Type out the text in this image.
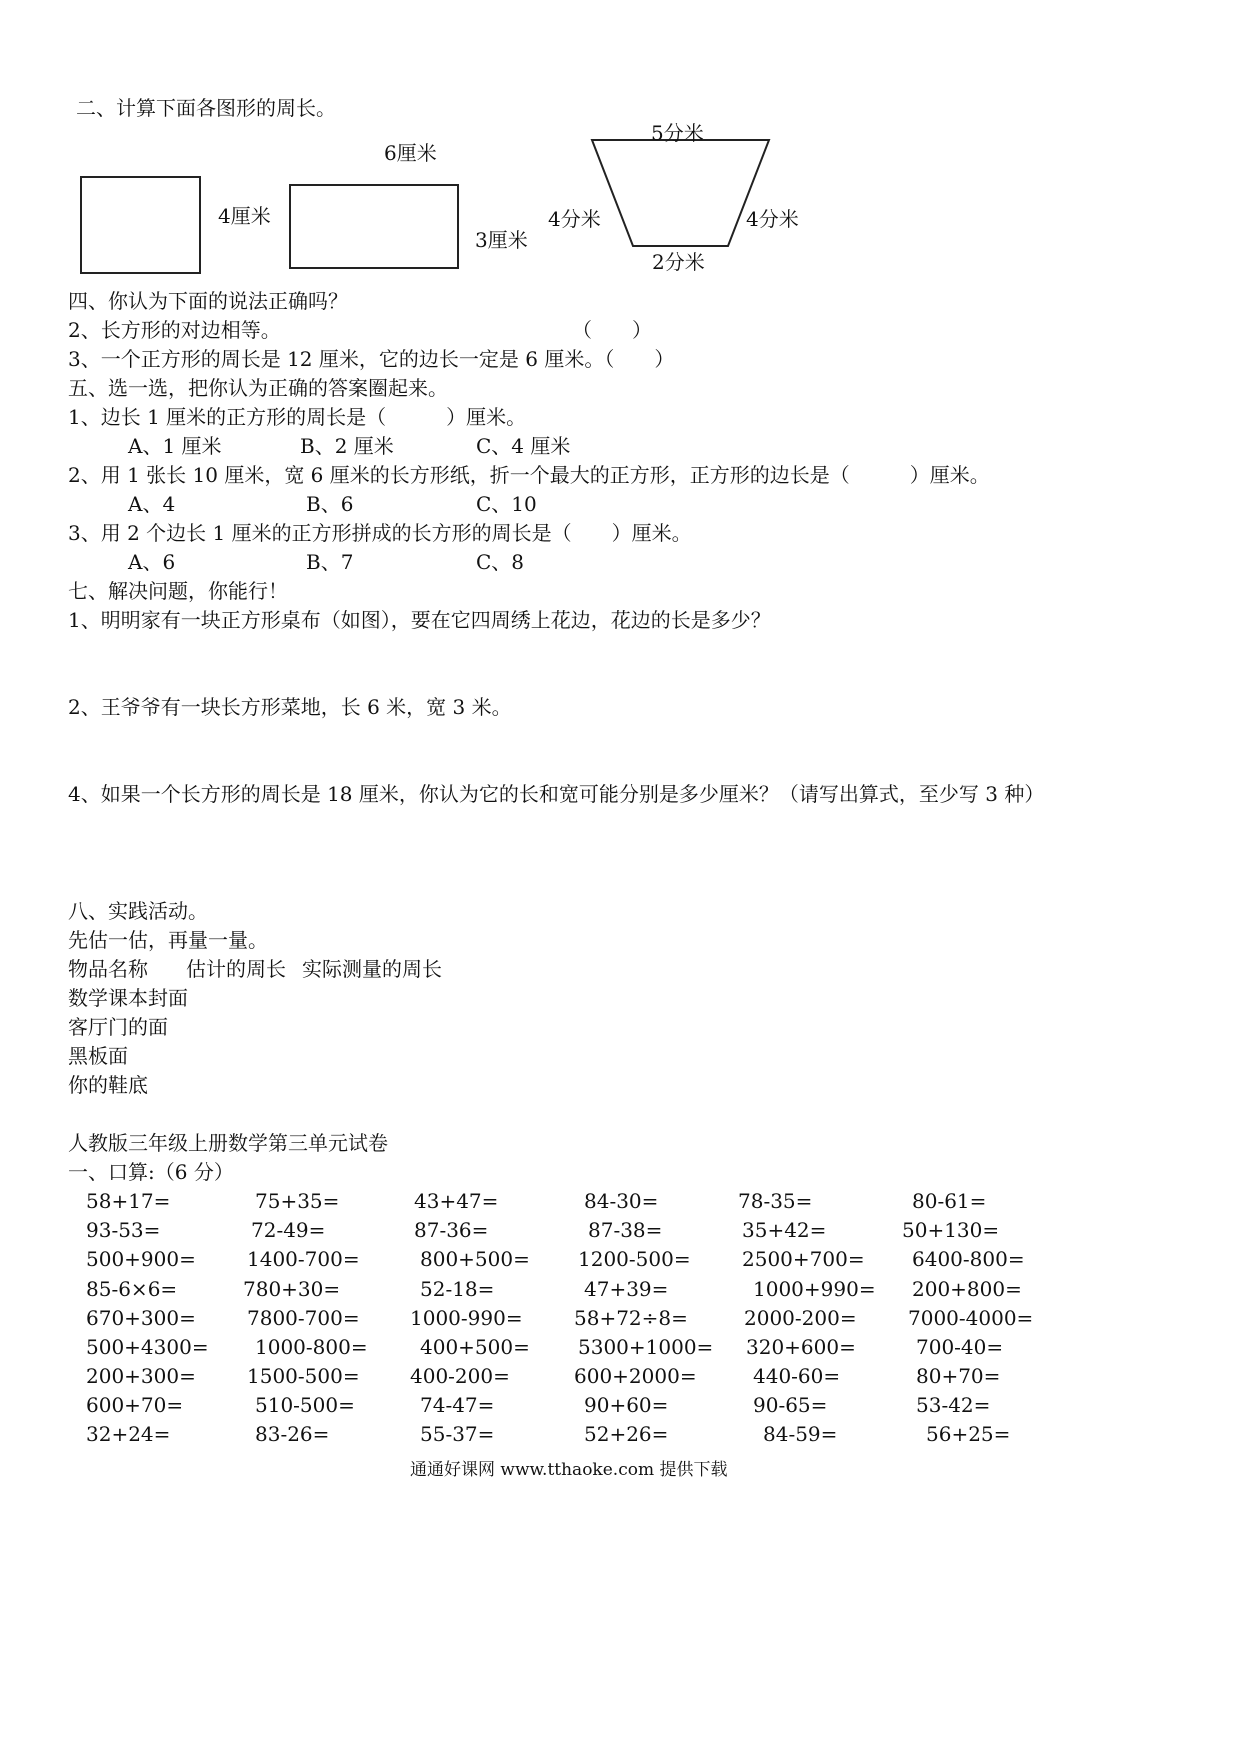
二、计算下面各图形的周长。
4厘米
6厘米
3厘米
5分米
4分米	4分米
2分米
四、你认为下面的说法正确吗？
2、长方形的对边相等。	（　　）
3、一个正方形的周长是 12 厘米，它的边长一定是 6 厘米。（　　）
五、选一选，把你认为正确的答案圈起来。
1、边长 1 厘米的正方形的周长是（　　　）厘米。
A、1 厘米	B、2 厘米	C、4 厘米
2、用 1 张长 10 厘米，宽 6 厘米的长方形纸，折一个最大的正方形，正方形的边长是（　　　）厘米。
A、4	B、6	C、10
3、用 2 个边长 1 厘米的正方形拼成的长方形的周长是（　　）厘米。
A、6	B、7	C、8
七、解决问题，你能行！
1、明明家有一块正方形桌布（如图），要在它四周绣上花边，花边的长是多少？
2、王爷爷有一块长方形菜地，长 6 米，宽 3 米。
4、如果一个长方形的周长是 18 厘米，你认为它的长和宽可能分别是多少厘米？（请写出算式，至少写 3 种）
八、实践活动。
先估一估，再量一量。
物品名称 估计的周长 实际测量的周长
数学课本封面
客厅门的面
黑板面
你的鞋底
人教版三年级上册数学第三单元试卷
一、口算:（6 分）
58+17=	75+35=	43+47=	84-30=	78-35=	80-61=
93-53=	72-49=	87-36=	87-38=	35+42=	50+130=
500+900=	1400-700=	800+500= 1200-500=	2500+700= 6400-800=
85-6×6=	780+30=	52-18=	47+39=	1000+990= 200+800=
670+300=	7800-700=	1000-990=	58+72÷8=	2000-200=	7000-4000=
500+4300= 1000-800=	400+500= 5300+1000= 320+600=	700-40=
200+300=	1500-500=	400-200=	600+2000=	440-60=	80+70=
600+70=	510-500=	74-47=	90+60=	90-65=	53-42=
32+24=	83-26=	55-37=	52+26=	84-59=	56+25=
通通好课网 www.tthaoke.com 提供下载
